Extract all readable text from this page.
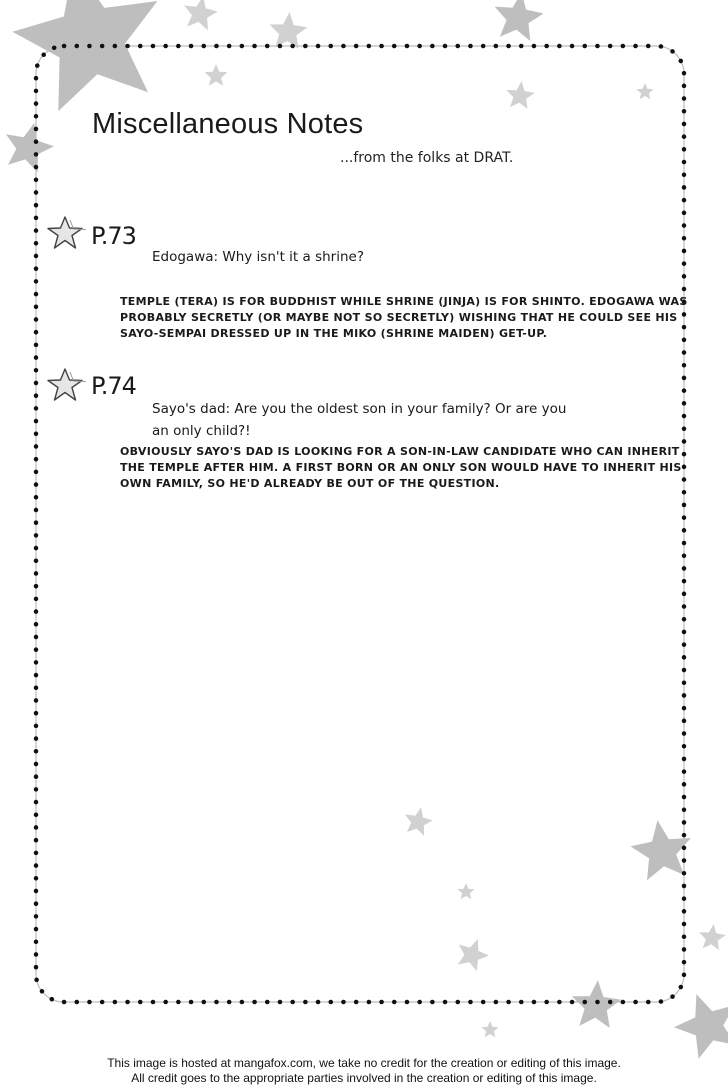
Miscellaneous Notes
...from the folks at DRAT.
P.73
Edogawa: Why isn't it a shrine?
TEMPLE (TERA) IS FOR BUDDHIST WHILE SHRINE (JINJA) IS FOR SHINTO. EDOGAWA WAS
PROBABLY SECRETLY (OR MAYBE NOT SO SECRETLY) WISHING THAT HE COULD SEE HIS
SAYO-SEMPAI DRESSED UP IN THE MIKO (SHRINE MAIDEN) GET-UP.
P.74
Sayo's dad: Are you the oldest son in your family? Or are you
an only child?!
OBVIOUSLY SAYO'S DAD IS LOOKING FOR A SON-IN-LAW CANDIDATE WHO CAN INHERIT
THE TEMPLE AFTER HIM. A FIRST BORN OR AN ONLY SON WOULD HAVE TO INHERIT HIS
OWN FAMILY, SO HE'D ALREADY BE OUT OF THE QUESTION.
This image is hosted at mangafox.com, we take no credit for the creation or editing of this image.
All credit goes to the appropriate parties involved in the creation or editing of this image.
